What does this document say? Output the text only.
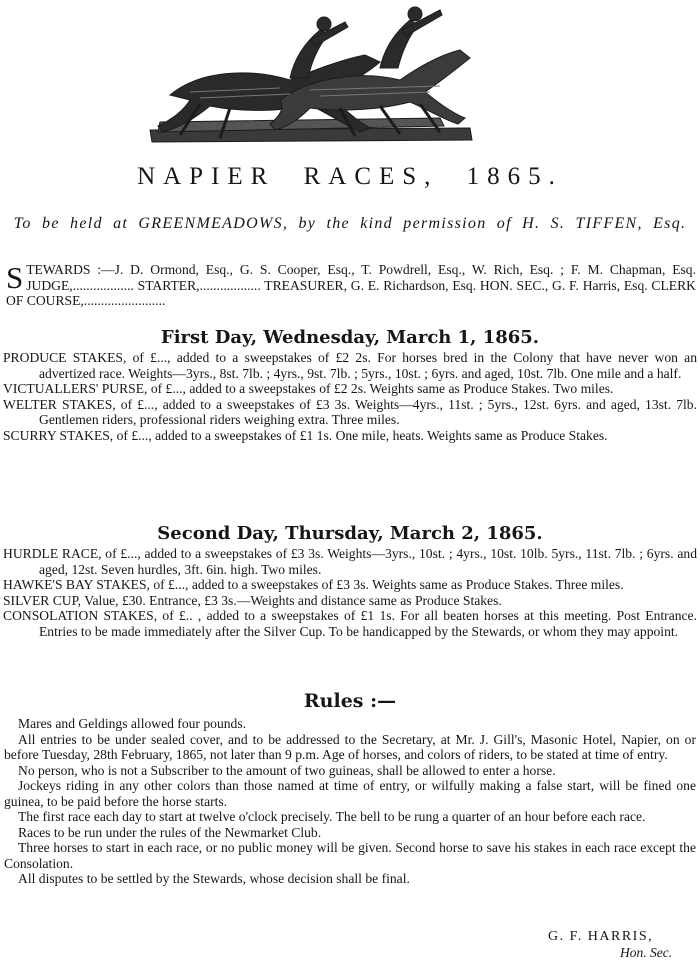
NAPIER RACES, 1865.
To be held at GREENMEADOWS, by the kind permission of H. S. TIFFEN, Esq.
S TEWARDS :—J. D. Ormond, Esq., G. S. Cooper, Esq., T. Powdrell, Esq., W. Rich, Esq. ; F. M. Chapman, Esq. JUDGE,.................. STARTER,.................. TREASURER, G. E. Richardson, Esq. HON. SEC., G. F. Harris, Esq. CLERK OF COURSE,........................
First Day, Wednesday, March 1, 1865.

PRODUCE STAKES, of £..., added to a sweepstakes of £2 2s. For horses bred in the Colony that have never won an advertized race. Weights—3yrs., 8st. 7lb. ; 4yrs., 9st. 7lb. ; 5yrs., 10st. ; 6yrs. and aged, 10st. 7lb. One mile and a half.

VICTUALLERS' PURSE, of £..., added to a sweepstakes of £2 2s. Weights same as Produce Stakes. Two miles.

WELTER STAKES, of £..., added to a sweepstakes of £3 3s. Weights—4yrs., 11st. ; 5yrs., 12st. 6yrs. and aged, 13st. 7lb. Gentlemen riders, professional riders weighing extra. Three miles.

SCURRY STAKES, of £..., added to a sweepstakes of £1 1s. One mile, heats. Weights same as Produce Stakes.

Second Day, Thursday, March 2, 1865.

HURDLE RACE, of £..., added to a sweepstakes of £3 3s. Weights—3yrs., 10st. ; 4yrs., 10st. 10lb. 5yrs., 11st. 7lb. ; 6yrs. and aged, 12st. Seven hurdles, 3ft. 6in. high. Two miles.

HAWKE'S BAY STAKES, of £..., added to a sweepstakes of £3 3s. Weights same as Produce Stakes. Three miles.

SILVER CUP, Value, £30. Entrance, £3 3s.—Weights and distance same as Produce Stakes.

CONSOLATION STAKES, of £.. , added to a sweepstakes of £1 1s. For all beaten horses at this meeting. Post Entrance. Entries to be made immediately after the Silver Cup. To be handicapped by the Stewards, or whom they may appoint.

Rules :—

Mares and Geldings allowed four pounds.

All entries to be under sealed cover, and to be addressed to the Secretary, at Mr. J. Gill's, Masonic Hotel, Napier, on or before Tuesday, 28th February, 1865, not later than 9 p.m. Age of horses, and colors of riders, to be stated at time of entry.

No person, who is not a Subscriber to the amount of two guineas, shall be allowed to enter a horse.

Jockeys riding in any other colors than those named at time of entry, or wilfully making a false start, will be fined one guinea, to be paid before the horse starts.

The first race each day to start at twelve o'clock precisely. The bell to be rung a quarter of an hour before each race.

Races to be run under the rules of the Newmarket Club.

Three horses to start in each race, or no public money will be given. Second horse to save his stakes in each race except the Consolation.

All disputes to be settled by the Stewards, whose decision shall be final.

G. F. HARRIS,
Hon. Sec.
